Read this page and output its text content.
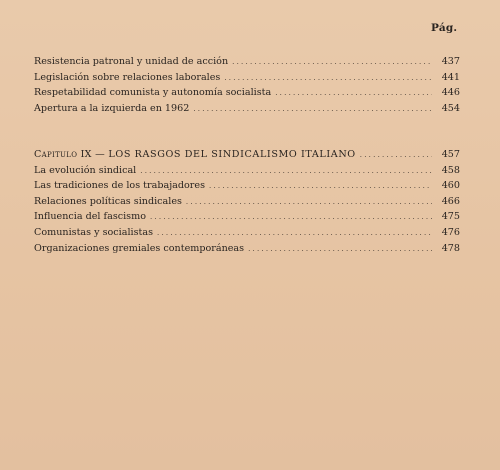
Pág.
Resistencia patronal y unidad de acción . . .	437
Legislación sobre relaciones laborales . . .	441
Respetabilidad comunista y autonomía socialista . . .	446
Apertura a la izquierda en 1962 . . .	454
Capitulo IX — LOS RASGOS DEL SINDICALISMO ITALIANO . . .	457
La evolución sindical . . .	458
Las tradiciones de los trabajadores . . .	460
Relaciones políticas sindicales . . .	466
Influencia del fascismo . . .	475
Comunistas y socialistas . . .	476
Organizaciones gremiales contemporáneas . . .	478
